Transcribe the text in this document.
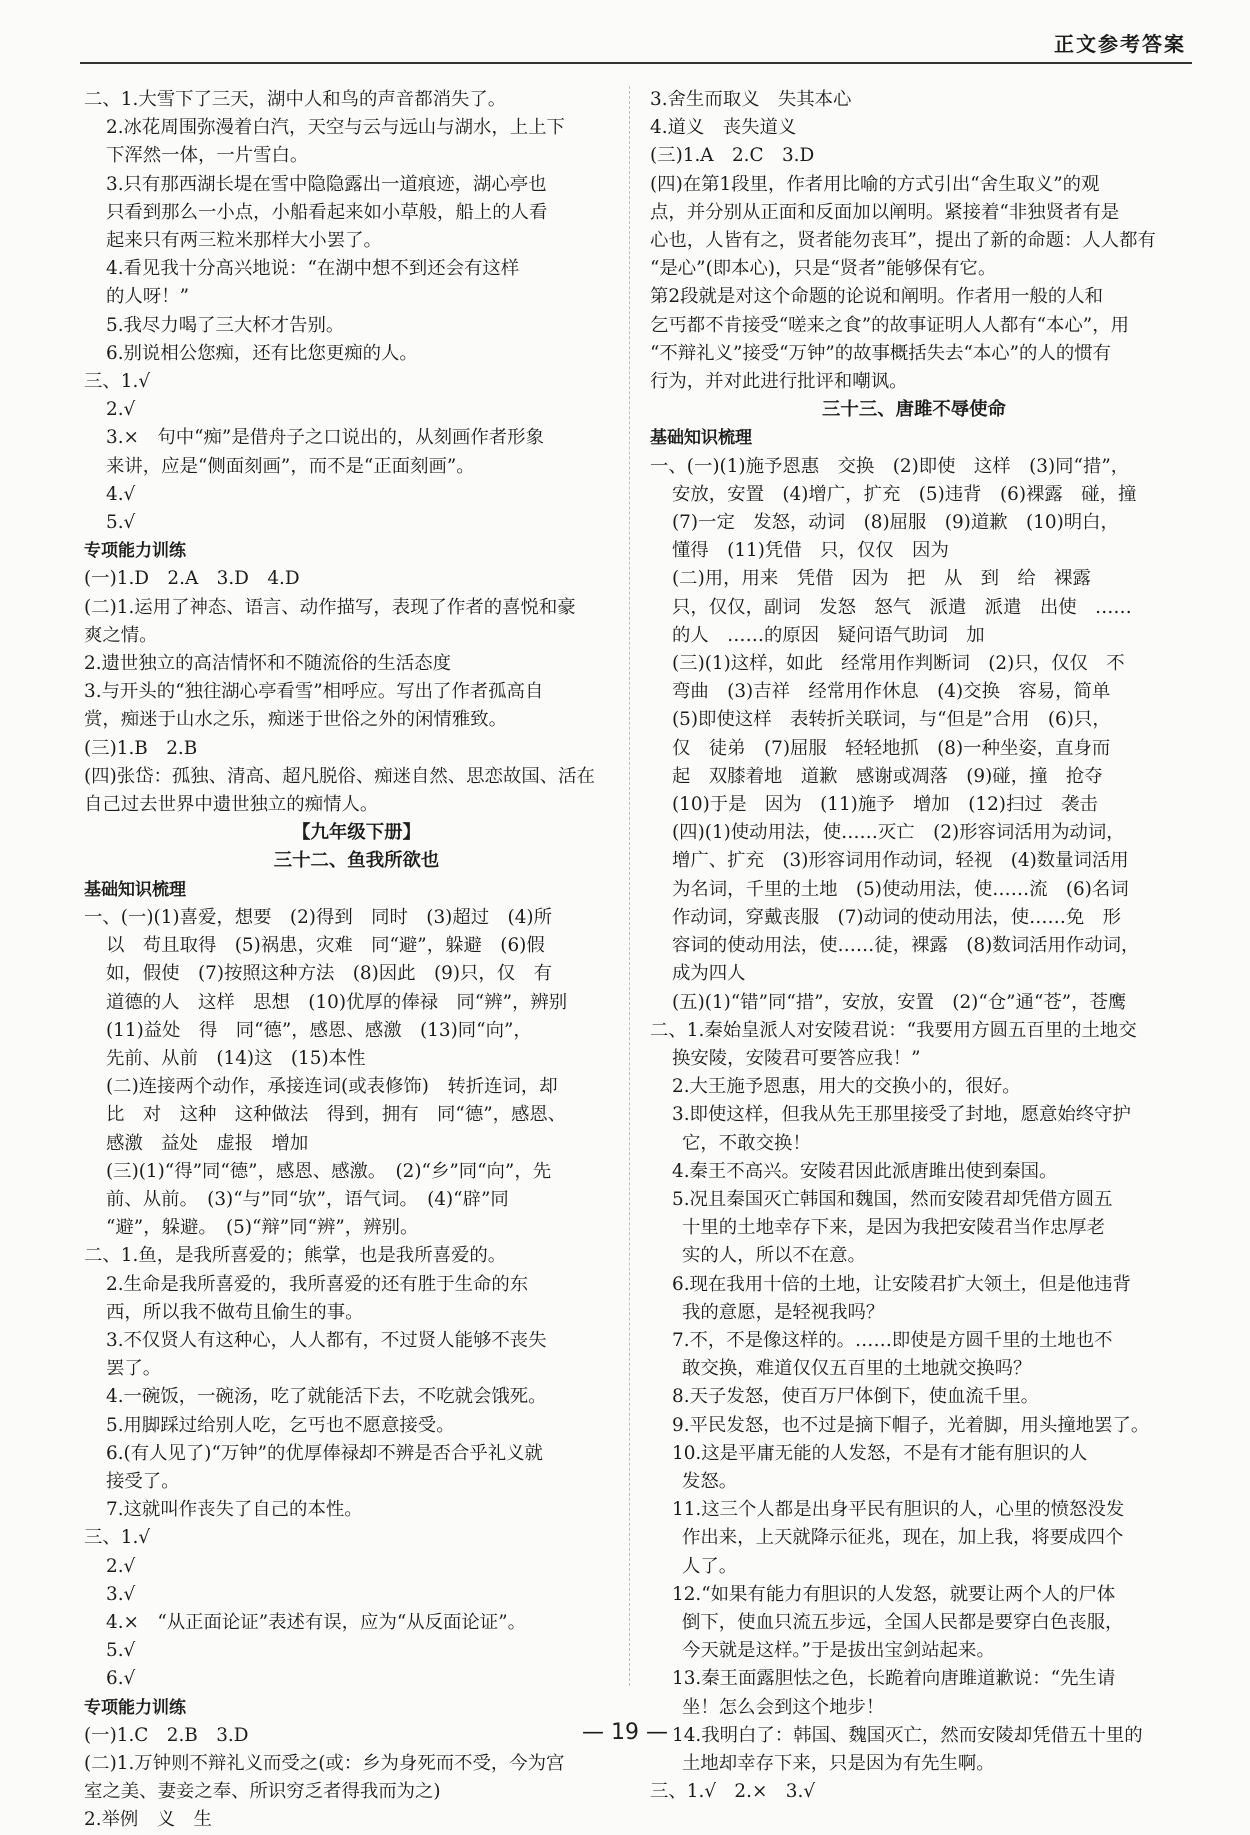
正文参考答案
二、1.大雪下了三天，湖中人和鸟的声音都消失了。
2.冰花周围弥漫着白汽，天空与云与远山与湖水，上上下
下浑然一体，一片雪白。
3.只有那西湖长堤在雪中隐隐露出一道痕迹，湖心亭也
只看到那么一小点，小船看起来如小草般，船上的人看
起来只有两三粒米那样大小罢了。
4.看见我十分高兴地说：“在湖中想不到还会有这样
的人呀！”
5.我尽力喝了三大杯才告别。
6.别说相公您痴，还有比您更痴的人。
三、1.√
2.√
3.×　句中“痴”是借舟子之口说出的，从刻画作者形象
来讲，应是“侧面刻画”，而不是“正面刻画”。
4.√
5.√
专项能力训练
(一)1.D　2.A　3.D　4.D
(二)1.运用了神态、语言、动作描写，表现了作者的喜悦和豪
爽之情。
2.遗世独立的高洁情怀和不随流俗的生活态度
3.与开头的“独往湖心亭看雪”相呼应。写出了作者孤高自
赏，痴迷于山水之乐，痴迷于世俗之外的闲情雅致。
(三)1.B　2.B
(四)张岱：孤独、清高、超凡脱俗、痴迷自然、思恋故国、活在
自己过去世界中遗世独立的痴情人。
【九年级下册】
三十二、鱼我所欲也
基础知识梳理
一、(一)(1)喜爱，想要　(2)得到　同时　(3)超过　(4)所
以　苟且取得　(5)祸患，灾难　同“避”，躲避　(6)假
如，假使　(7)按照这种方法　(8)因此　(9)只，仅　有
道德的人　这样　思想　(10)优厚的俸禄　同“辨”，辨别
(11)益处　得　同“德”，感恩、感激　(13)同“向”，
先前、从前　(14)这　(15)本性
(二)连接两个动作，承接连词(或表修饰)　转折连词，却
比　对　这种　这种做法　得到，拥有　同“德”，感恩、
感激　益处　虚报　增加
(三)(1)“得”同“德”，感恩、感激。　(2)“乡”同“向”，先
前、从前。　(3)“与”同“欤”，语气词。　(4)“辟”同
“避”，躲避。　(5)“辩”同“辨”，辨别。
二、1.鱼，是我所喜爱的；熊掌，也是我所喜爱的。
2.生命是我所喜爱的，我所喜爱的还有胜于生命的东
西，所以我不做苟且偷生的事。
3.不仅贤人有这种心，人人都有，不过贤人能够不丧失
罢了。
4.一碗饭，一碗汤，吃了就能活下去，不吃就会饿死。
5.用脚踩过给别人吃，乞丐也不愿意接受。
6.(有人见了)“万钟”的优厚俸禄却不辨是否合乎礼义就
接受了。
7.这就叫作丧失了自己的本性。
三、1.√
2.√
3.√
4.×　“从正面论证”表述有误，应为“从反面论证”。
5.√
6.√
专项能力训练
(一)1.C　2.B　3.D
(二)1.万钟则不辩礼义而受之(或：乡为身死而不受，今为宫
室之美、妻妾之奉、所识穷乏者得我而为之)
2.举例　义　生
3.舍生而取义　失其本心
4.道义　丧失道义
(三)1.A　2.C　3.D
(四)在第1段里，作者用比喻的方式引出“舍生取义”的观
点，并分别从正面和反面加以阐明。紧接着“非独贤者有是
心也，人皆有之，贤者能勿丧耳”，提出了新的命题：人人都有
“是心”(即本心)，只是“贤者”能够保有它。
第2段就是对这个命题的论说和阐明。作者用一般的人和
乞丐都不肯接受“嗟来之食”的故事证明人人都有“本心”，用
“不辩礼义”接受“万钟”的故事概括失去“本心”的人的惯有
行为，并对此进行批评和嘲讽。
三十三、唐雎不辱使命
基础知识梳理
一、(一)(1)施予恩惠　交换　(2)即使　这样　(3)同“措”，
安放，安置　(4)增广，扩充　(5)违背　(6)裸露　碰，撞
(7)一定　发怒，动词　(8)屈服　(9)道歉　(10)明白，
懂得　(11)凭借　只，仅仅　因为
(二)用，用来　凭借　因为　把　从　到　给　裸露
只，仅仅，副词　发怒　怒气　派遣　派遣　出使　……
的人　……的原因　疑问语气助词　加
(三)(1)这样，如此　经常用作判断词　(2)只，仅仅　不
弯曲　(3)吉祥　经常用作休息　(4)交换　容易，简单
(5)即使这样　表转折关联词，与“但是”合用　(6)只，
仅　徒弟　(7)屈服　轻轻地抓　(8)一种坐姿，直身而
起　双膝着地　道歉　感谢或凋落　(9)碰，撞　抢夺
(10)于是　因为　(11)施予　增加　(12)扫过　袭击
(四)(1)使动用法，使……灭亡　(2)形容词活用为动词，
增广、扩充　(3)形容词用作动词，轻视　(4)数量词活用
为名词，千里的土地　(5)使动用法，使……流　(6)名词
作动词，穿戴丧服　(7)动词的使动用法，使……免　形
容词的使动用法，使……徒，裸露　(8)数词活用作动词，
成为四人
(五)(1)“错”同“措”，安放，安置　(2)“仓”通“苍”，苍鹰
二、1.秦始皇派人对安陵君说：“我要用方圆五百里的土地交
换安陵，安陵君可要答应我！”
2.大王施予恩惠，用大的交换小的，很好。
3.即使这样，但我从先王那里接受了封地，愿意始终守护
它，不敢交换！
4.秦王不高兴。安陵君因此派唐雎出使到秦国。
5.况且秦国灭亡韩国和魏国，然而安陵君却凭借方圆五
十里的土地幸存下来，是因为我把安陵君当作忠厚老
实的人，所以不在意。
6.现在我用十倍的土地，让安陵君扩大领土，但是他违背
我的意愿，是轻视我吗？
7.不，不是像这样的。……即使是方圆千里的土地也不
敢交换，难道仅仅五百里的土地就交换吗？
8.天子发怒，使百万尸体倒下，使血流千里。
9.平民发怒，也不过是摘下帽子，光着脚，用头撞地罢了。
10.这是平庸无能的人发怒，不是有才能有胆识的人
发怒。
11.这三个人都是出身平民有胆识的人，心里的愤怒没发
作出来，上天就降示征兆，现在，加上我，将要成四个
人了。
12.“如果有能力有胆识的人发怒，就要让两个人的尸体
倒下，使血只流五步远，全国人民都是要穿白色丧服，
今天就是这样。”于是拔出宝剑站起来。
13.秦王面露胆怯之色，长跪着向唐雎道歉说：“先生请
坐！怎么会到这个地步！
14.我明白了：韩国、魏国灭亡，然而安陵却凭借五十里的
土地却幸存下来，只是因为有先生啊。
三、1.√　2.×　3.√
— 19 —
